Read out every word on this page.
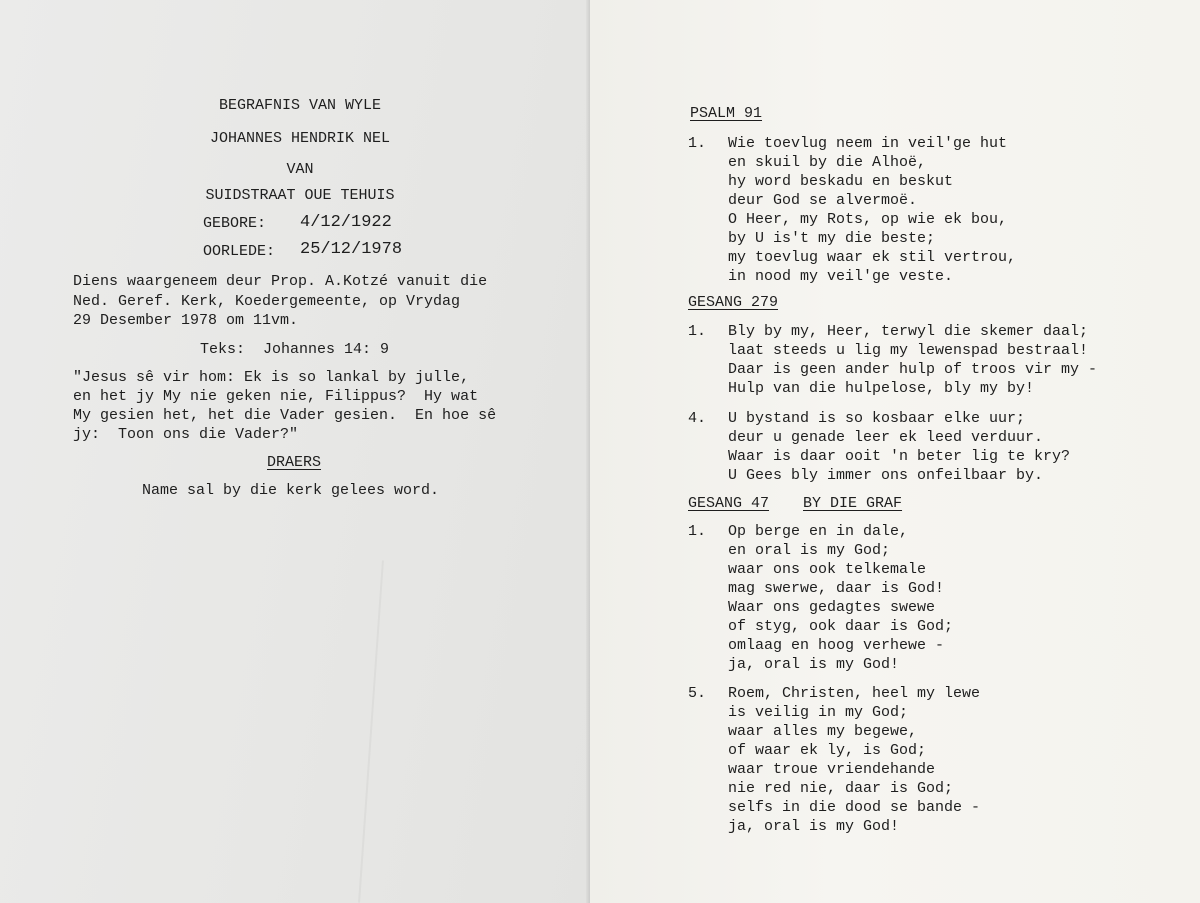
BEGRAFNIS VAN WYLE
JOHANNES HENDRIK NEL
VAN
SUIDSTRAAT OUE TEHUIS
GEBORE: 4/12/1922
OORLEDE: 25/12/1978
Diens waargeneem deur Prop. A.Kotzé vanuit die
Ned. Geref. Kerk, Koedergemeente, op Vrydag
29 Desember 1978 om 11vm.
Teks:  Johannes 14: 9
"Jesus sê vir hom: Ek is so lankal by julle,
en het jy My nie geken nie, Filippus?  Hy wat
My gesien het, het die Vader gesien.  En hoe sê
jy:  Toon ons die Vader?"
DRAERS
Name sal by die kerk gelees word.
PSALM 91
1. Wie toevlug neem in veil'ge hut
en skuil by die Alhoë,
hy word beskadu en beskut
deur God se alvermoë.
O Heer, my Rots, op wie ek bou,
by U is't my die beste;
my toevlug waar ek stil vertrou,
in nood my veil'ge veste.
GESANG 279
1. Bly by my, Heer, terwyl die skemer daal;
laat steeds u lig my lewenspad bestraal!
Daar is geen ander hulp of troos vir my -
Hulp van die hulpelose, bly my by!
4. U bystand is so kosbaar elke uur;
deur u genade leer ek leed verduur.
Waar is daar ooit 'n beter lig te kry?
U Gees bly immer ons onfeilbaar by.
GESANG 47 BY DIE GRAF
1. Op berge en in dale,
en oral is my God;
waar ons ook telkemale
mag swerwe, daar is God!
Waar ons gedagtes swewe
of styg, ook daar is God;
omlaag en hoog verhewe -
ja, oral is my God!
5. Roem, Christen, heel my lewe
is veilig in my God;
waar alles my begewe,
of waar ek ly, is God;
waar troue vriendehande
nie red nie, daar is God;
selfs in die dood se bande -
ja, oral is my God!
